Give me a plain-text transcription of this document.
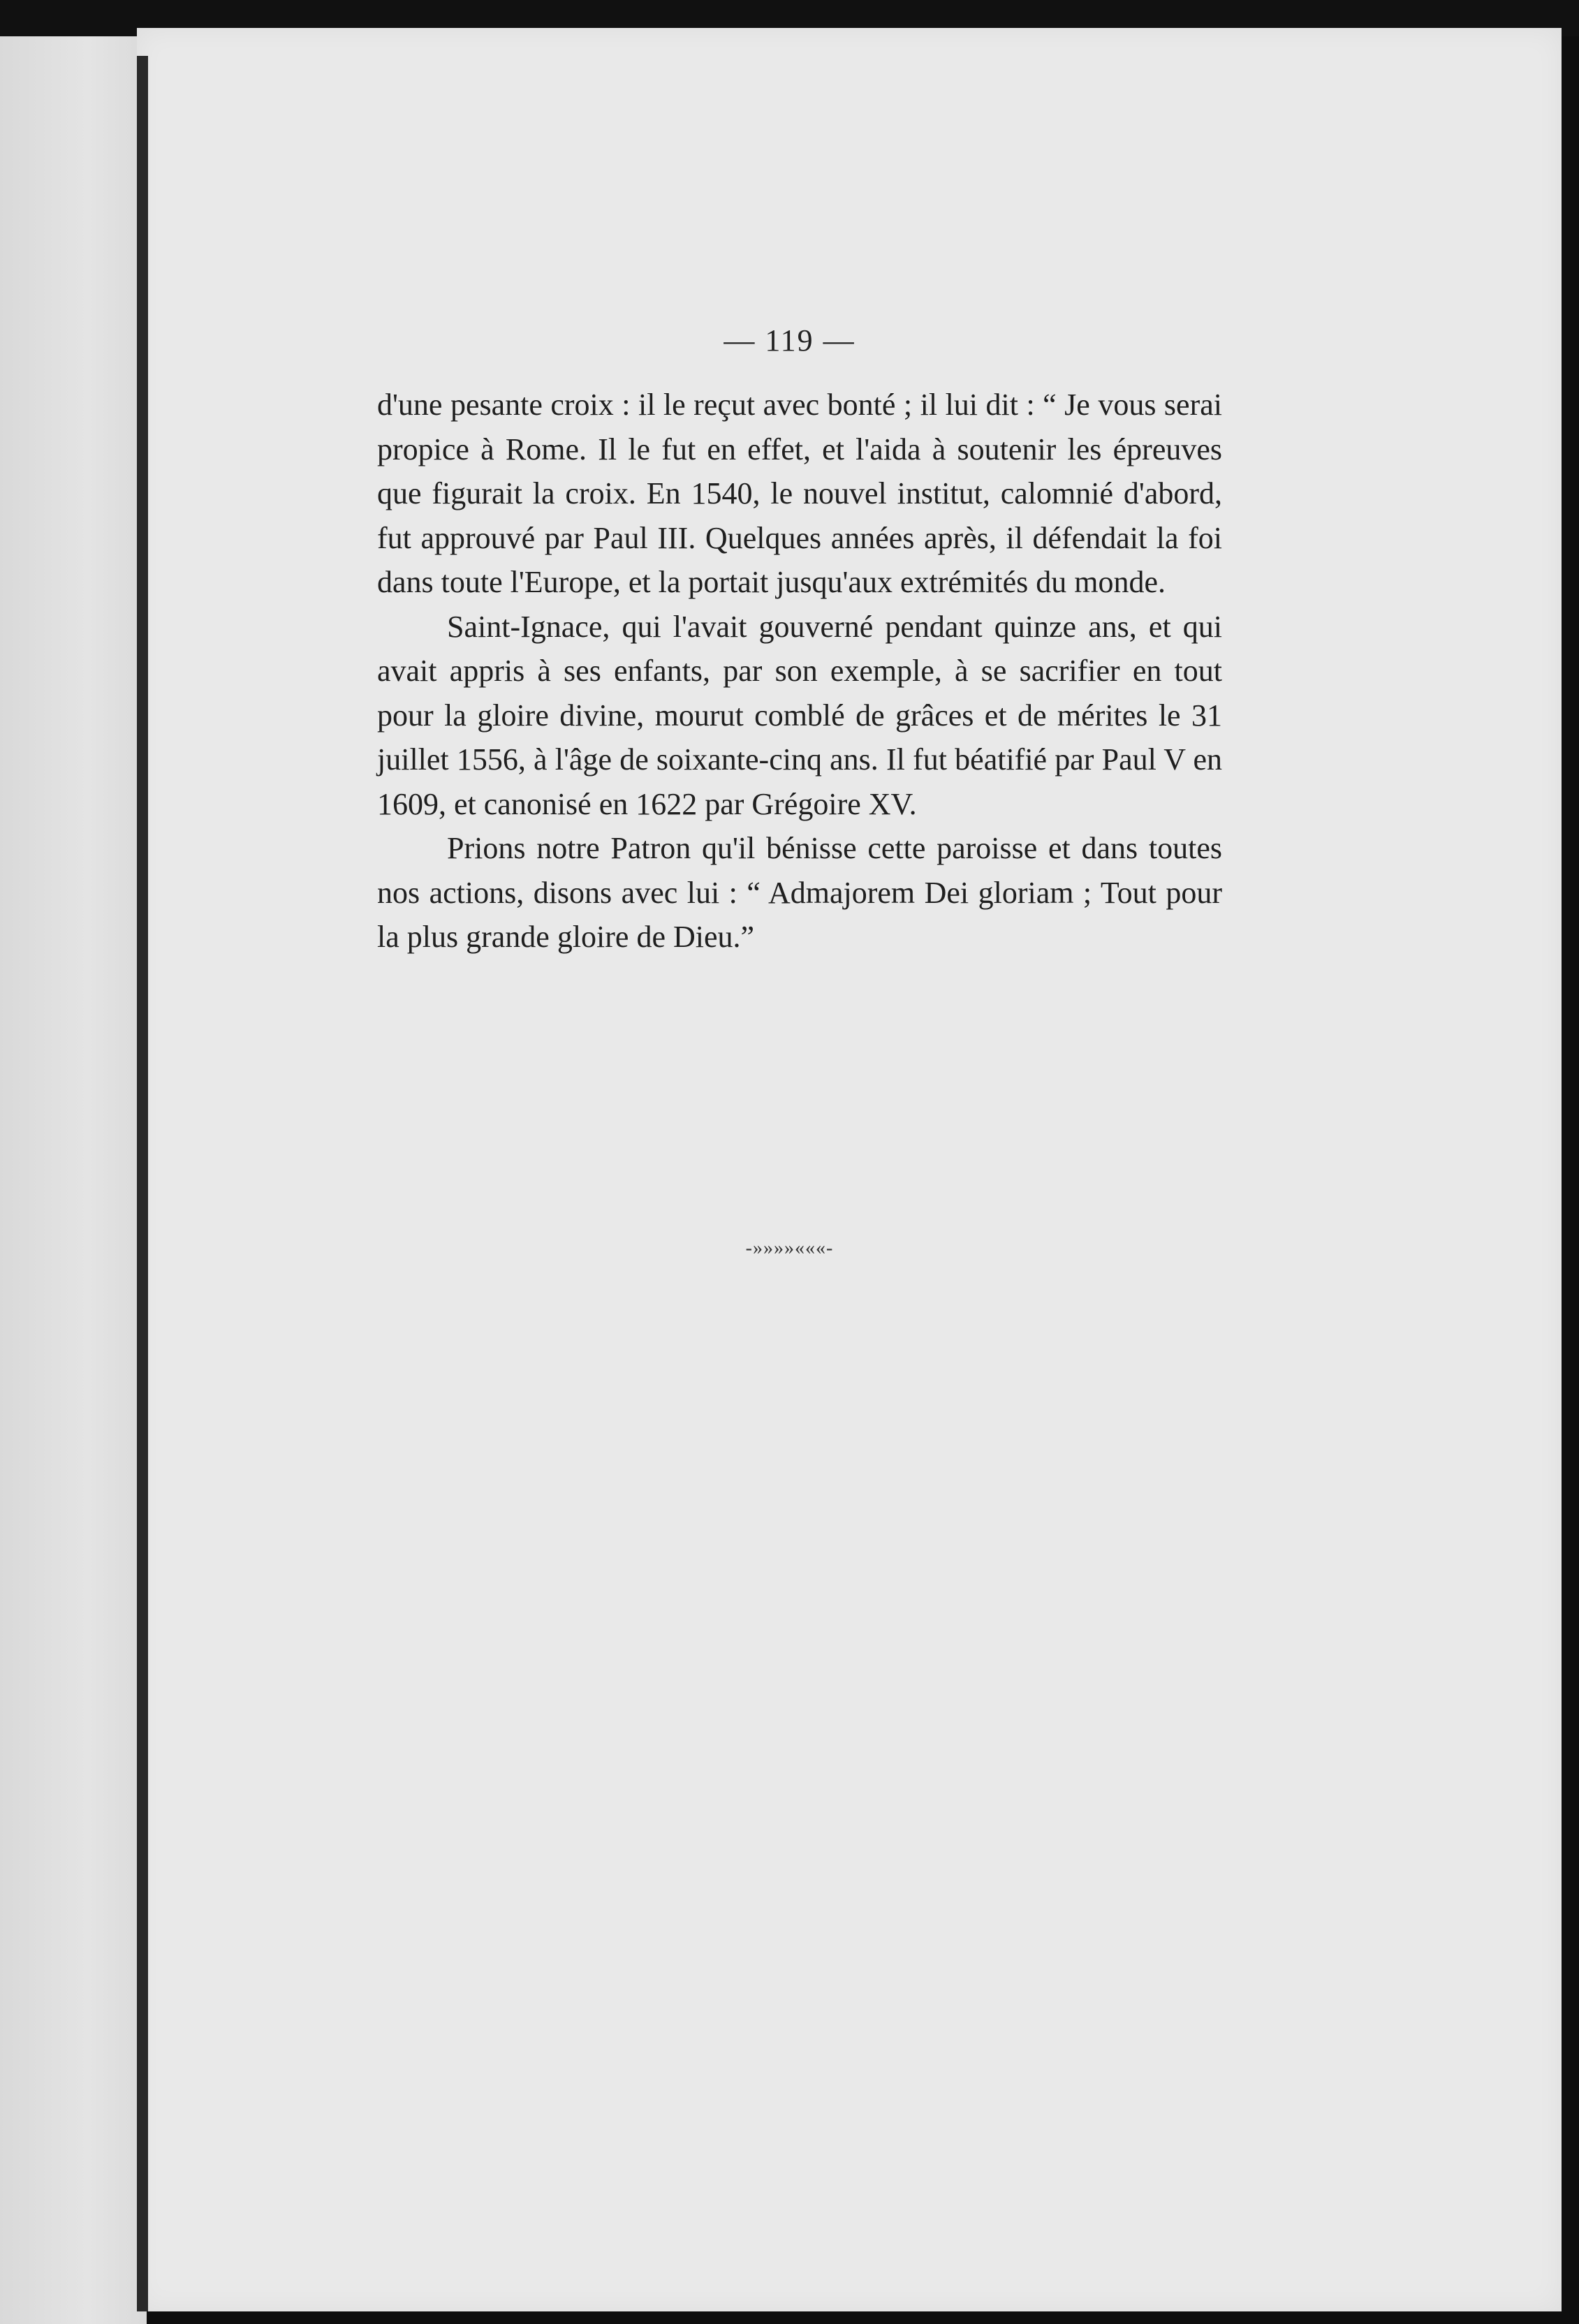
— 119 —

d'une pesante croix : il le reçut avec bonté ; il lui dit : “ Je vous serai propice à Rome. Il le fut en effet, et l'aida à soutenir les épreuves que figurait la croix. En 1540, le nouvel institut, calomnié d'abord, fut approuvé par Paul III. Quelques années après, il défendait la foi dans toute l'Europe, et la portait jusqu'aux extrémités du monde.

Saint-Ignace, qui l'avait gouverné pendant quinze ans, et qui avait appris à ses enfants, par son exemple, à se sacrifier en tout pour la gloire divine, mourut comblé de grâces et de mérites le 31 juillet 1556, à l'âge de soixante-cinq ans. Il fut béatifié par Paul V en 1609, et canonisé en 1622 par Grégoire XV.

Prions notre Patron qu'il bénisse cette paroisse et dans toutes nos actions, disons avec lui : “ Admajorem Dei gloriam ; Tout pour la plus grande gloire de Dieu.”

-»»»»«««-
